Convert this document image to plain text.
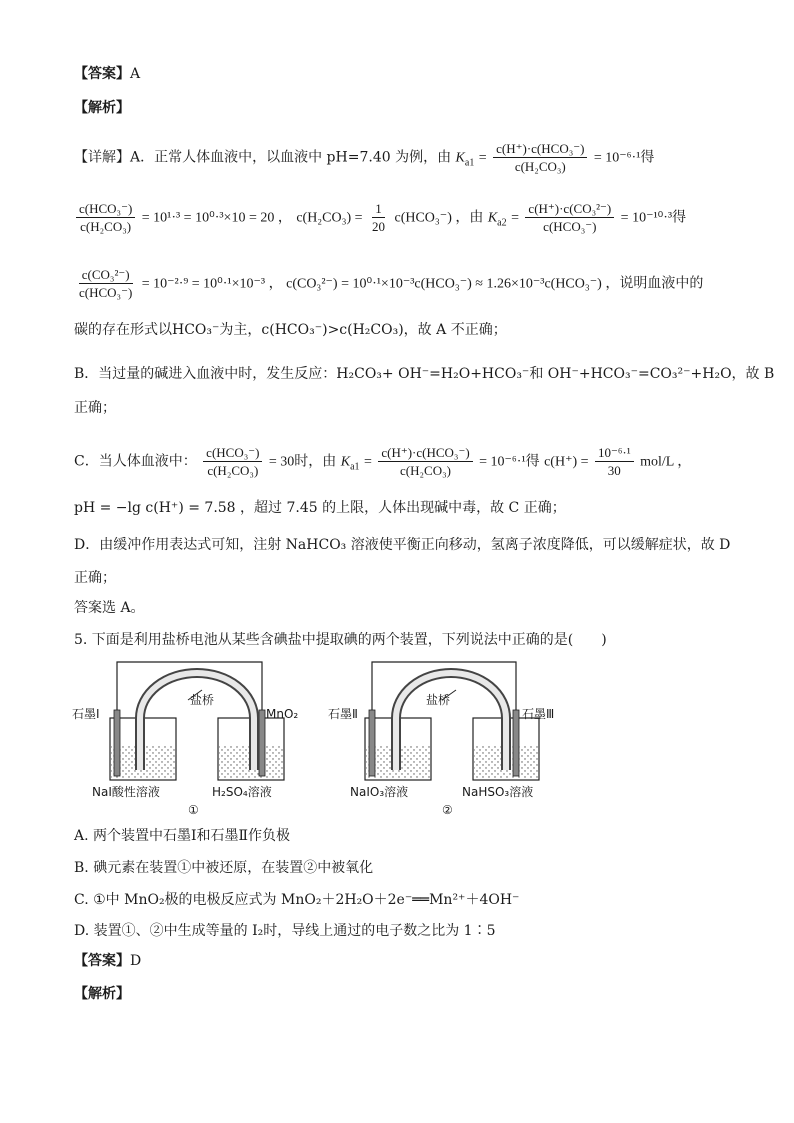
【答案】A
【解析】
【详解】A．正常人体血液中，以血液中 pH=7.40 为例，由 $K_{a1} = \frac{\text{c(H⁺)·c(HCO₃⁻)}}{\text{c(H₂CO₃)}} = 10^{-6}\cdot^1$得
$\frac{\text{c(HCO₃⁻)}}{\text{c(H₂CO₃)}} = 10^1\cdot^3 = 10^0\cdot^3\times 10 = 20$ ， $c(H_2CO_3) = \frac{1}{20} c(HCO_3^-)$ ，由 $K_{a2} = \frac{\text{c(H⁺)·c(CO₃²⁻)}}{\text{c(HCO₃⁻)}} = 10^{-10}\cdot^3$得
$\frac{\text{c(CO₃²⁻)}}{\text{c(HCO₃⁻)}} = 10^{-2}\cdot^9 = 10^0\cdot^1\times 10^{-3}$ ， c(CO₃²⁻) = 10⁰·¹×10⁻³c(HCO₃⁻) ≈ 1.26×10⁻³c(HCO₃⁻) ，说明血液中的
碳的存在形式以HCO₃⁻为主，c(HCO₃⁻)>c(H₂CO₃)，故 A 不正确；
B．当过量的碱进入血液中时，发生反应：H₂CO₃+ OH⁻=H₂O+HCO₃⁻和 OH⁻+HCO₃⁻=CO₃²⁻+H₂O，故 B
正确；
C．当人体血液中： $\frac{\text{c(HCO₃⁻)}}{\text{c(H₂CO₃)}} = 30$时，由 $K_{a1} = \frac{\text{c(H⁺)·c(HCO₃⁻)}}{\text{c(H₂CO₃)}} = 10^{-6}\cdot^1$得 $c(H^+) = \frac{\text{10⁻⁶·¹}}{30} mol/L$ ，
pH = −lg c(H⁺) = 7.58 ，超过 7.45 的上限，人体出现碱中毒，故 C 正确；
D．由缓冲作用表达式可知，注射 NaHCO₃ 溶液使平衡正向移动，氢离子浓度降低，可以缓解症状，故 D
正确；
答案选 A。
5. 下面是利用盐桥电池从某些含碘盐中提取碘的两个装置，下列说法中正确的是(　　)
盐桥
石墨Ⅰ	MnO₂
NaI酸性溶液	H₂SO₄溶液
①
盐桥
石墨Ⅱ	石墨Ⅲ
NaIO₃溶液	NaHSO₃溶液
②
A. 两个装置中石墨Ⅰ和石墨Ⅱ作负极
B. 碘元素在装置①中被还原，在装置②中被氧化
C. ①中 MnO₂极的电极反应式为 MnO₂＋2H₂O＋2e⁻══Mn²⁺＋4OH⁻
D. 装置①、②中生成等量的 I₂时，导线上通过的电子数之比为 1∶5
【答案】D
【解析】
